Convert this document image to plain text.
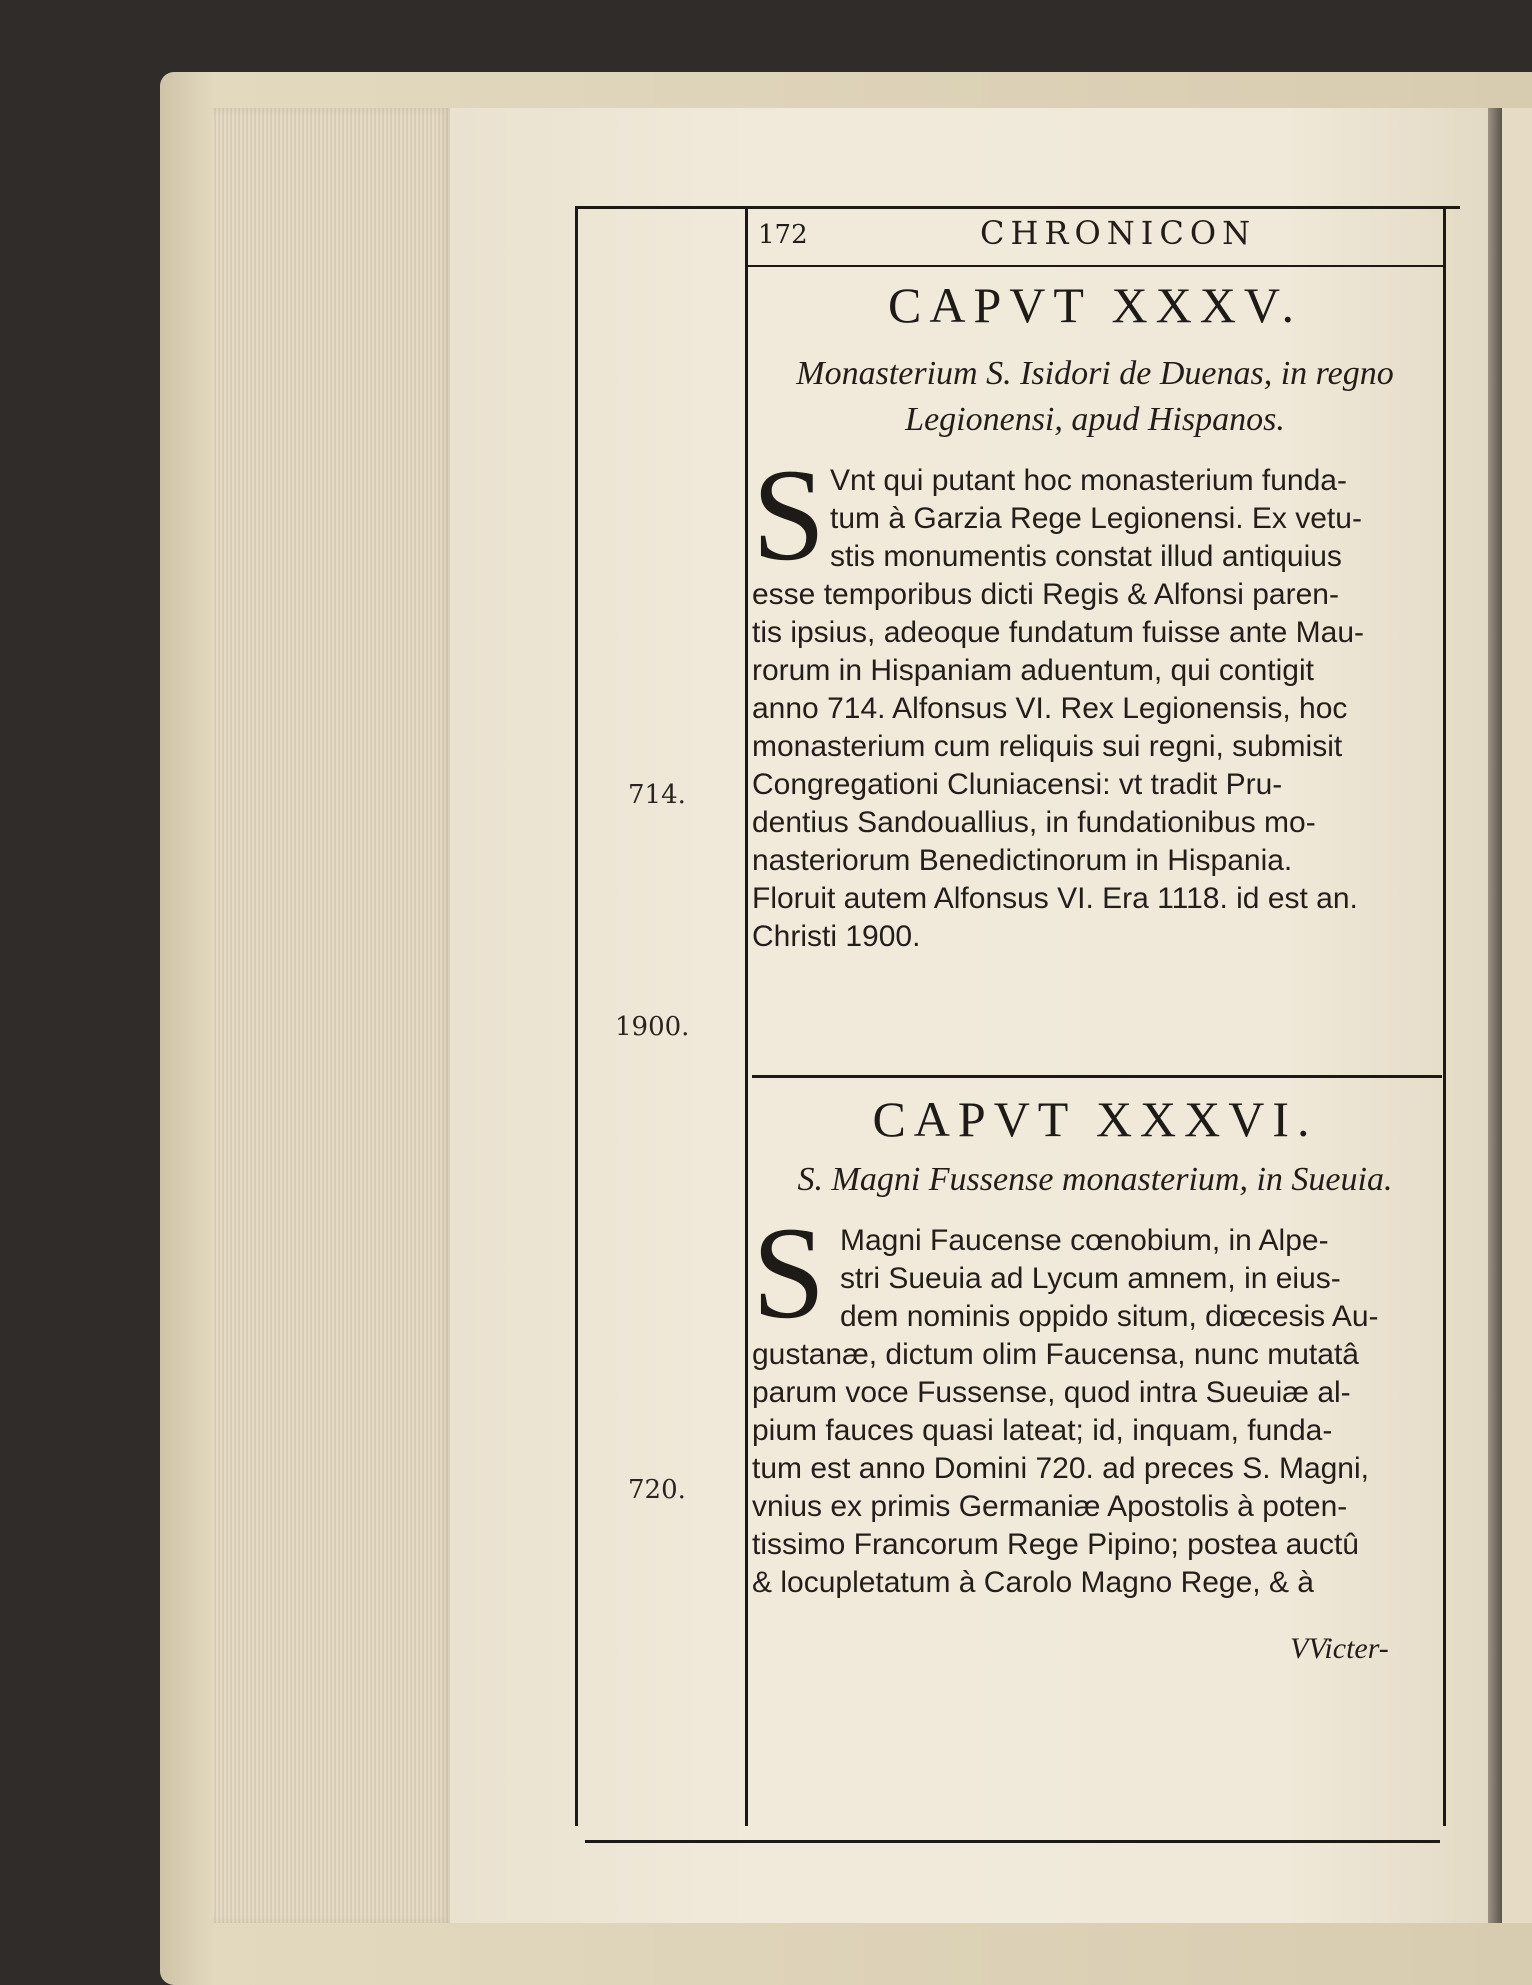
172	CHRONICON
714.
1900.
720.
CAPVT XXXV.
Monasterium S. Isidori de Duenas, in regno
Legionensi, apud Hispanos.
S Vnt qui putant hoc monasterium funda-
tum à Garzia Rege Legionensi. Ex vetu-
stis monumentis constat illud antiquius
esse temporibus dicti Regis & Alfonsi paren-
tis ipsius, adeoque fundatum fuisse ante Mau-
rorum in Hispaniam aduentum, qui contigit
anno 714. Alfonsus VI. Rex Legionensis, hoc
monasterium cum reliquis sui regni, submisit
Congregationi Cluniacensi: vt tradit Pru-
dentius Sandouallius, in fundationibus mo-
nasteriorum Benedictinorum in Hispania.
Floruit autem Alfonsus VI. Era 1118. id est an.
Christi 1900.
CAPVT XXXVI.
S. Magni Fussense monasterium, in Sueuia.
S Magni Faucense cœnobium, in Alpe-
stri Sueuia ad Lycum amnem, in eius-
dem nominis oppido situm, diœcesis Au-
gustanæ, dictum olim Faucensa, nunc mutatâ
parum voce Fussense, quod intra Sueuiæ al-
pium fauces quasi lateat; id, inquam, funda-
tum est anno Domini 720. ad preces S. Magni,
vnius ex primis Germaniæ Apostolis à poten-
tissimo Francorum Rege Pipino; postea auctû
& locupletatum à Carolo Magno Rege, & à
VVicter-
